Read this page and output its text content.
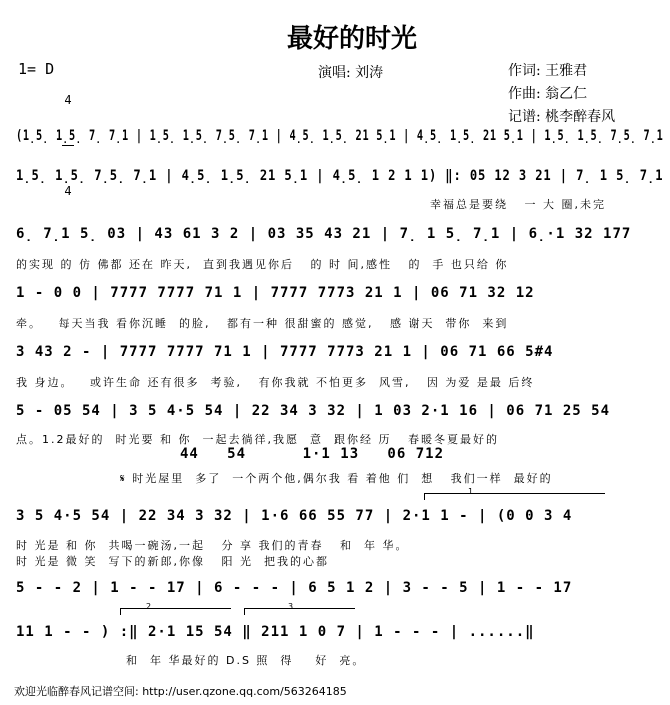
最好的时光
1= D

4

4

演唱: 刘涛	作词: 王雅君
作曲: 翁乙仁
记谱: 桃李醉春风
(1̣5̣ 1̣5̣ 7̣ 7̣1 | 1̣5̣ 1̣5̣ 7̣5̣ 7̣1 | 4̣5̣ 1̣5̣ 21 5̣1 | 4̣5̣ 1̣5̣ 21 5̣1 | 1̣5̣ 1̣5̣ 7̣5̣ 7̣1
1̣5̣ 1̣5̣ 7̣5̣ 7̣1 | 4̣5̣ 1̣5̣ 21 5̣1 | 4̣5̣ 1 2 1 1) ‖: 05 12 3 21 | 7̣ 1 5̣ 7̣1
幸福总是要绕   一 大 圈,未完
6̣ 7̣1 5̣ 03 | 43 61 3 2 | 03 35 43 21 | 7̣ 1 5̣ 7̣1 | 6̣·1 32 177
的实现 的 仿 佛都 还在 昨天,  直到我遇见你后   的 时 间,感性   的  手 也只给 你
1 - 0 0 | 7777 7777 71 1 | 7777 7773 21 1 | 06 71 32 12
牵。   每天当我 看你沉睡  的脸,   都有一种 很甜蜜的 感觉,   感 谢天  带你  来到
3 43 2 - | 7777 7777 71 1 | 7777 7773 21 1 | 06 71 66 5#4
我 身边。   或许生命 还有很多  考验,   有你我就 不怕更多  风雪,   因 为爱 是最 后终
5 - 05 54 | 3 5 4·5 54 | 22 34 3 32 | 1 03 2·1 16 | 06 71 25 54
点。1.2最好的  时光要 和 你  一起去徜徉,我愿  意  跟你经 历   春暖冬夏最好的
44   54      1·1 13   06 712
𝄋 时光屋里  多了  一个两个他,偶尔我 看 着他 们  想   我们一样  最好的
1
3 5 4·5 54 | 22 34 3 32 | 1·6 66 55 77 | 2·1 1 - | (0 0 3 4
时 光是 和 你  共喝一碗汤,一起   分 享 我们的青春   和  年 华。
时 光是 微 笑  写下的新郎,你像   阳 光  把我的心都
5 - - 2 | 1 - - 17 | 6 - - - | 6 5 1 2 | 3 - - 5 | 1 - - 17
2	3
11 1 - - ) :‖ 2·1 15 54 ‖ 211 1 0 7 | 1 - - - | ......‖
和  年 华最好的 D.S 照  得    好  亮。
欢迎光临醉春风记谱空间: http://user.qzone.qq.com/563264185
